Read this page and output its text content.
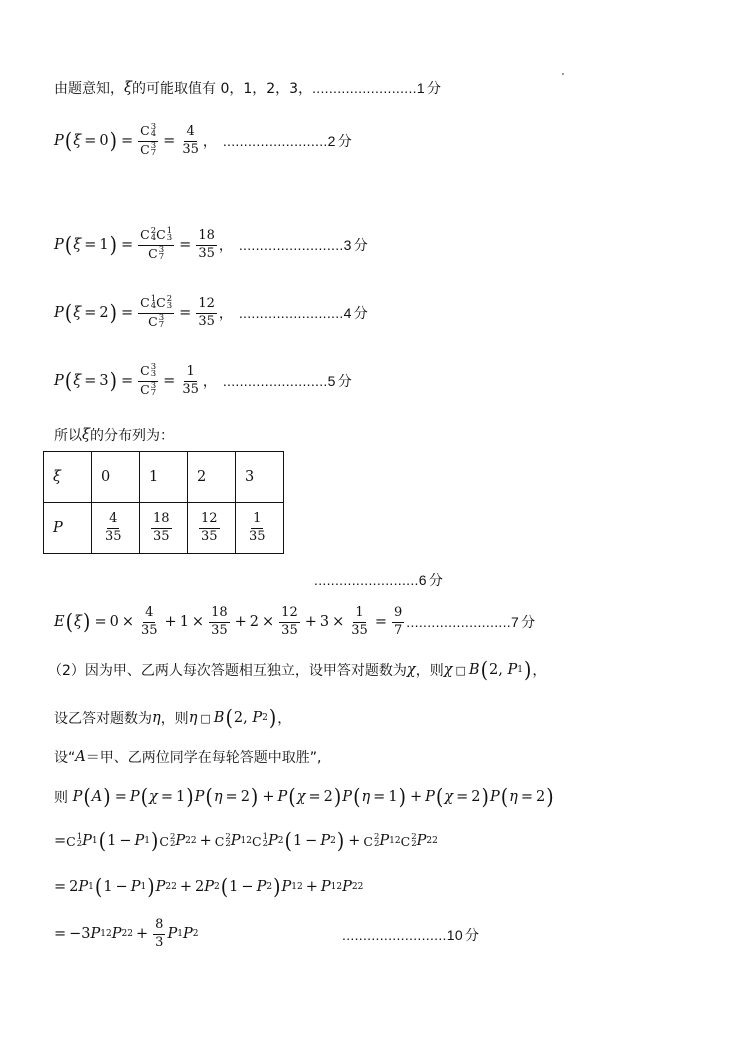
由题意知， ξ 的可能取值有 0，1，2，3， .........................1 分
P ( ξ = 0 ) = C 3
4
C 3
$7 = \frac{4}{35}$ ， .........................2 分
P ( ξ = 1 ) = C 2
4 C 1
3
C 3
$7 = \frac{18}{35}$ ， .........................3 分
P ( ξ = 2 ) = C 1
4 C 2
3
C 3
$7 = \frac{12}{35}$ ， .........................4 分
P ( ξ = 3 ) = C 3
3
C 3
$7 = \frac{1}{35}$ ， .........................5 分
所以 ξ 的分布列为：
ξ	0	1	2	3
P	$\frac{4}{35}$	$\frac{18}{35}$	$\frac{12}{35}$	$\frac{1}{35}$
.........................6 分
E ( ξ ) = $0 \times \frac{4}{35} + 1 \times \frac{18}{35} + 2 \times \frac{12}{35} + 3 \times \frac{1}{35} = \frac{9}{7} .........................7$ 分
（2）因为甲、乙两人每次答题相互独立，设甲答对题数为 χ ，则 χ □ B ( 2, P 1 ) ，
设乙答对题数为 η ，则 η □ B ( 2, P 2 ) ，
设“ A ＝甲、乙两位同学在每轮答题中取胜”,
则
P ( A ) = P ( χ = 1 ) P ( η = 2 ) + P ( χ = 2 ) P ( η = 1 ) + P ( χ = 2 ) P ( η = 2 )
= C 1
2 P 1 ( 1 − P 1 ) C 2
2 P 2 2 + C 2
2 P 1 2 C 1
2 P 2 ( 1 − P 2 ) + C 2
2 P 1 2 C 2
2 P 2 2
= 2 P 1 ( 1 − P 1 ) P 2 2 + 2 P 2 ( 1 − P 2 ) P 1 2 + P 1 2 P 2 2
= −3 P 1 2 P 2 $2 + \frac{8}{3}$ P 1 P 2	.........................10 分
